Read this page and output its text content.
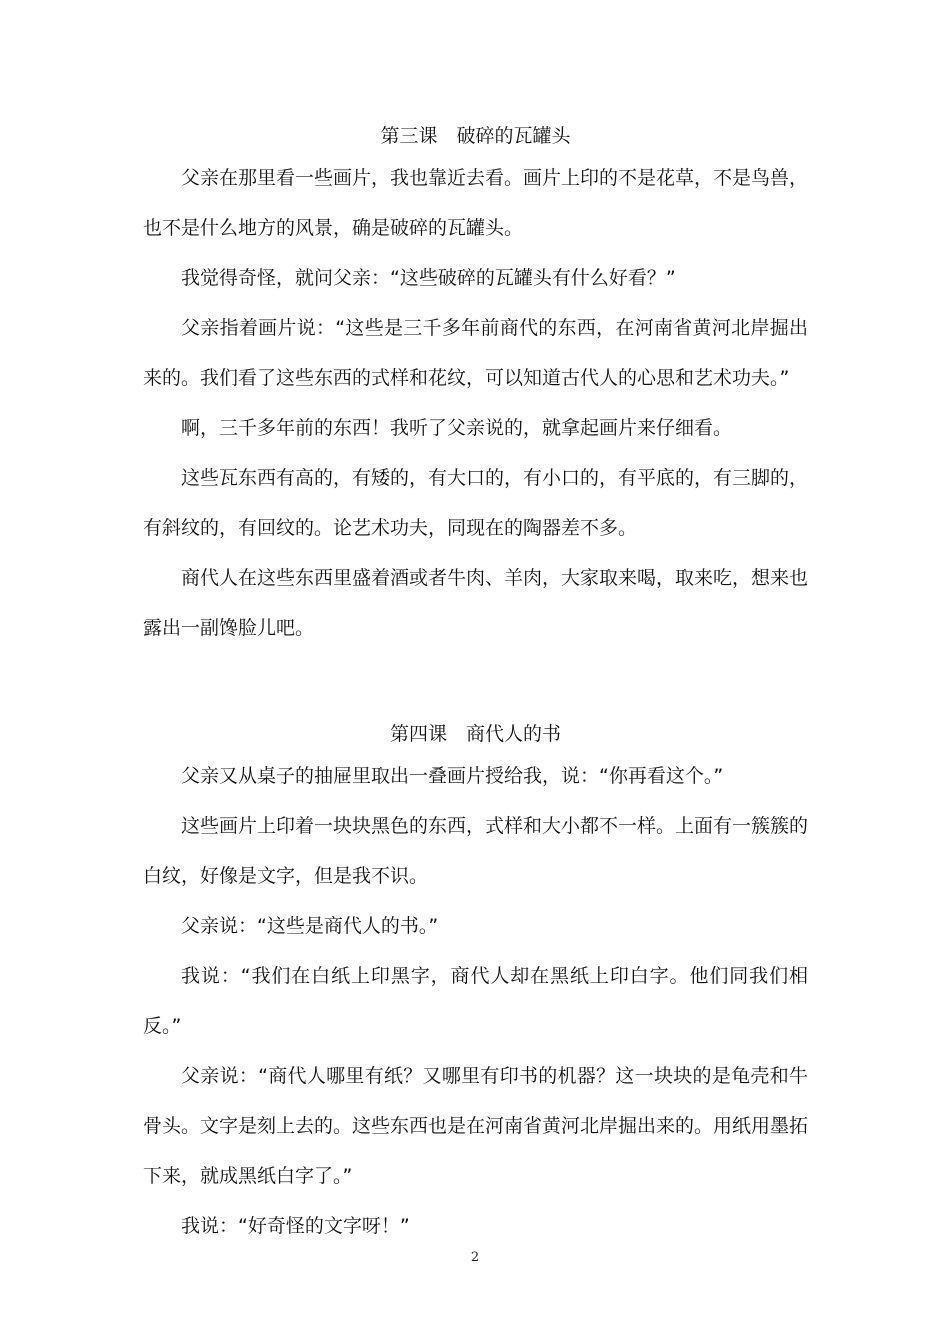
第三课　破碎的瓦罐头

父亲在那里看一些画片，我也靠近去看。画片上印的不是花草，不是鸟兽，也不是什么地方的风景，确是破碎的瓦罐头。

我觉得奇怪，就问父亲：“这些破碎的瓦罐头有什么好看？”

父亲指着画片说：“这些是三千多年前商代的东西，在河南省黄河北岸掘出来的。我们看了这些东西的式样和花纹，可以知道古代人的心思和艺术功夫。”

啊，三千多年前的东西！我听了父亲说的，就拿起画片来仔细看。

这些瓦东西有高的，有矮的，有大口的，有小口的，有平底的，有三脚的，有斜纹的，有回纹的。论艺术功夫，同现在的陶器差不多。

商代人在这些东西里盛着酒或者牛肉、羊肉，大家取来喝，取来吃，想来也露出一副馋脸儿吧。

第四课　商代人的书

父亲又从桌子的抽屉里取出一叠画片授给我，说：“你再看这个。”

这些画片上印着一块块黑色的东西，式样和大小都不一样。上面有一簇簇的白纹，好像是文字，但是我不识。

父亲说：“这些是商代人的书。”

我说：“我们在白纸上印黑字，商代人却在黑纸上印白字。他们同我们相反。”

父亲说：“商代人哪里有纸？又哪里有印书的机器？这一块块的是龟壳和牛骨头。文字是刻上去的。这些东西也是在河南省黄河北岸掘出来的。用纸用墨拓下来，就成黑纸白字了。”

我说：“好奇怪的文字呀！”

2
